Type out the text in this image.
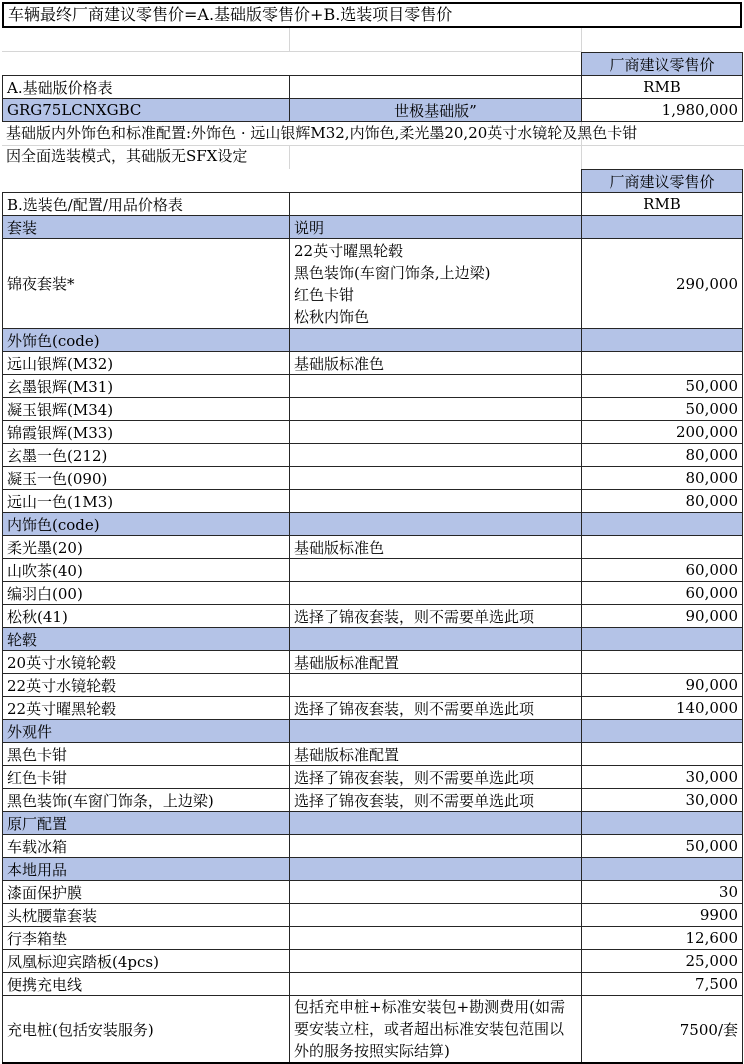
车辆最终厂商建议零售价=A.基础版零售价+B.选装项目零售价
		厂商建议零售价
A.基础版价格表		RMB
GRG75LCNXGBC	世极基础版”	1,980,000
基础版内外饰色和标准配置:外饰色 · 远山银辉M32,内饰色,柔光墨20,20英寸水镜轮及黑色卡钳
因全面选装模式，其础版无SFX设定
		厂商建议零售价
B.选装色/配置/用品价格表		RMB
套装	说明	
锦夜套装*	22英寸曜黑轮毂
黑色装饰(车窗门饰条,上边梁)
红色卡钳
松秋内饰色	290,000
外饰色(code)		
远山银辉(M32)	基础版标准色	
玄墨银辉(M31)		50,000
凝玉银辉(M34)		50,000
锦霞银辉(M33)		200,000
玄墨一色(212)		80,000
凝玉一色(090)		80,000
远山一色(1M3)		80,000
内饰色(code)		
柔光墨(20)	基础版标准色	
山吹茶(40)		60,000
编羽白(00)		60,000
松秋(41)	选择了锦夜套装，则不需要单选此项	90,000
轮毂		
20英寸水镜轮毂	基础版标准配置	
22英寸水镜轮毂		90,000
22英寸曜黑轮毂	选择了锦夜套装，则不需要单选此项	140,000
外观件		
黑色卡钳	基础版标准配置	
红色卡钳	选择了锦夜套装，则不需要单选此项	30,000
黑色装饰(车窗门饰条，上边梁)	选择了锦夜套装，则不需要单选此项	30,000
原厂配置		
车载冰箱		50,000
本地用品		
漆面保护膜		30
头枕腰靠套装		9900
行李箱垫		12,600
凤凰标迎宾踏板(4pcs)		25,000
便携充电线		7,500
充电桩(包括安装服务)	包括充申桩+标准安装包+勘测费用(如需要安装立柱，或者超出标准安装包范围以外的服务按照实际结算)	7500/套
